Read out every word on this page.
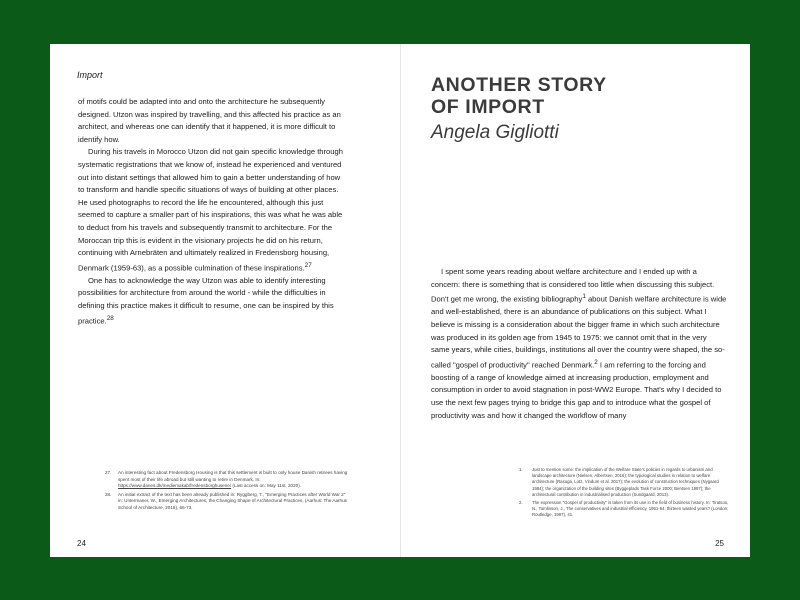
Import

of motifs could be adapted into and onto the architecture he subsequently designed. Utzon was inspired by travelling, and this affected his practice as an architect, and whereas one can identify that it happened, it is more difficult to identify how.

During his travels in Morocco Utzon did not gain specific knowledge through systematic registrations that we know of, instead he experienced and ventured out into distant settings that allowed him to gain a better understanding of how to transform and handle specific situations of ways of building at other places. He used photographs to record the life he encountered, although this just seemed to capture a smaller part of his inspirations, this was what he was able to deduct from his travels and subsequently transmit to architecture. For the Moroccan trip this is evident in the visionary projects he did on his return, continuing with Arnebräten and ultimately realized in Fredensborg housing, Denmark (1959-63), as a possible culmination of these inspirations.$^{27}$

One has to acknowledge the way Utzon was able to identify interesting possibilities for architecture from around the world - while the difficulties in defining this practice makes it difficult to resume, one can be inspired by this practice.$^{28}$

27. An interesting fact about Fredensborg Housing is that this settlement is built to only house Danish retirees having spent most of their life abroad but still wanting to retire in Denmark. In: https://www.danes.dk/mediemakab/fredensborghusene/ (Last access on: May 11st, 2020).
28. An initial extract of the text has been already published in: Ryggberg, T., "Emerging Practices after World War 2" in: Untermaner, W., Emerging Architectures, the Changing Shape of Architectural Practices, (Aarhus: The Aarhus School of Architecture, 2018), 66-73.
24
ANOTHER STORY
OF IMPORT
Angela Gigliotti

I spent some years reading about welfare architecture and I ended up with a concern: there is something that is considered too little when discussing this subject. Don't get me wrong, the existing bibliography$^1$ about Danish welfare architecture is wide and well-established, there is an abundance of publications on this subject. What I believe is missing is a consideration about the bigger frame in which such architecture was produced in its golden age from 1945 to 1975: we cannot omit that in the very same years, while cities, buildings, institutions all over the country were shaped, the so-called "gospel of productivity" reached Denmark.$^2$ I am referring to the forcing and boosting of a range of knowledge aimed at increasing production, employment and consumption in order to avoid stagnation in post-WW2 Europe. That's why I decided to use the next few pages trying to bridge this gap and to introduce what the gospel of productivity was and how it changed the workflow of many

1. Just to mention some: the implication of the Welfare State's policies in regards to urbanism and landscape architecture (Nielsen, Albertsen, 2016); the typological studies in relation to welfare architecture (Rasuga, Lotz, Vindum et al. 2017); the evolution of construction techniques (Nygaard 1984); the organization of the building sites (Byggeplads Task Force 2000; Bentsen 1997); the architectural contribution in industrialised production (Sundgaard, 2013).
2. The expression "Gospel of productivity" is taken from its use in the field of business history. In: Tiratsoo, N., Tomlinson, J., The conservatives and industrial efficiency, 1951-64; thirteen wasted years? (London: Routledge, 1997), 41.
25
